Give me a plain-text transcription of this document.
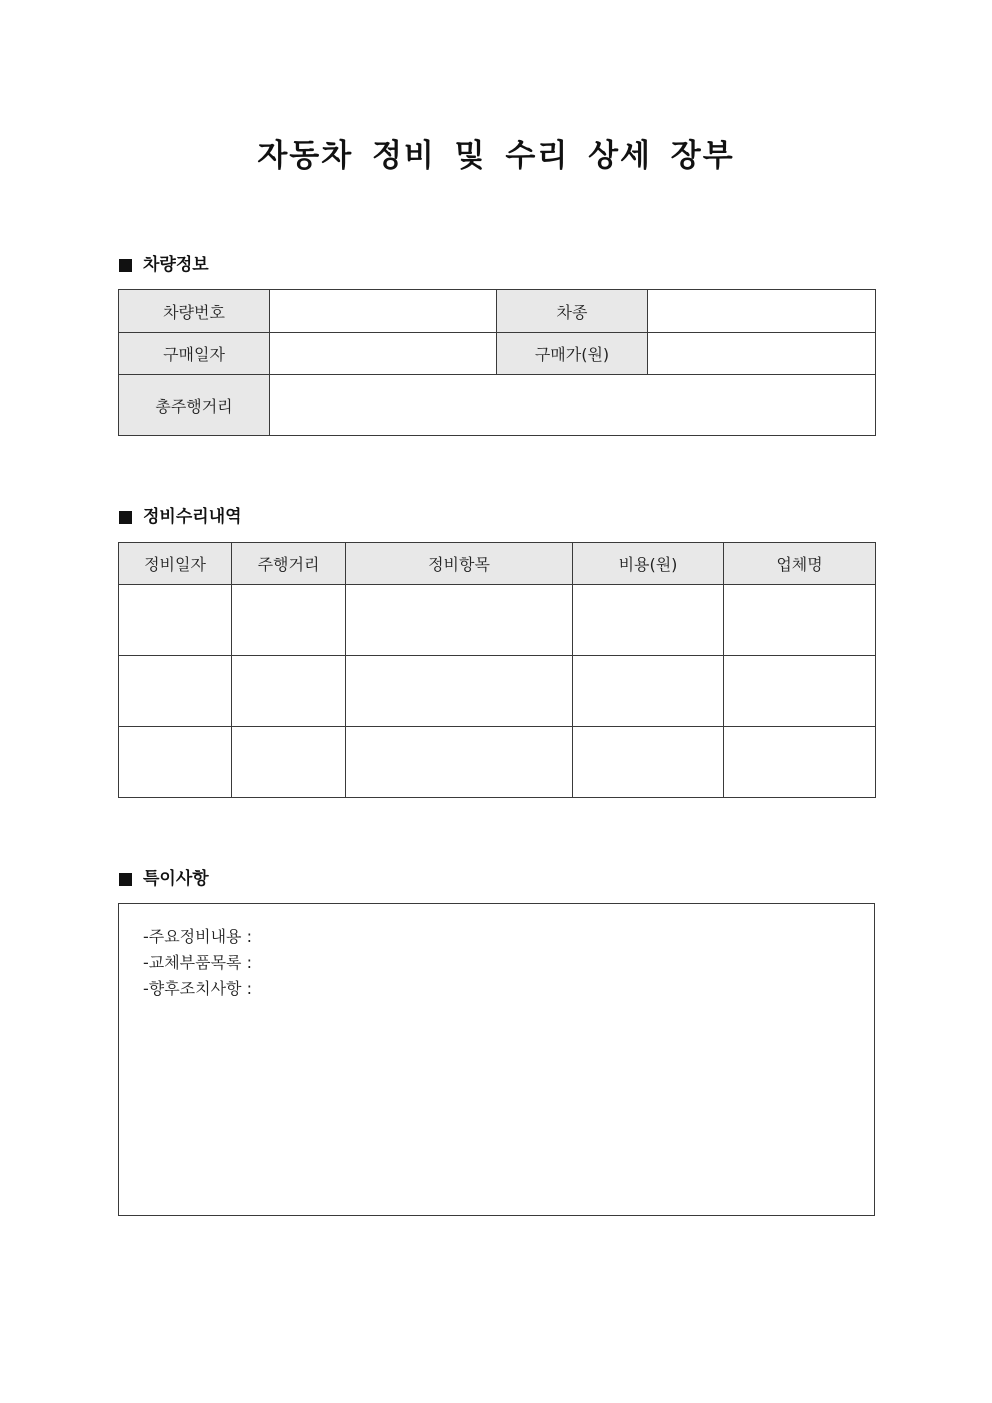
자동차 정비 및 수리 상세 장부
차량정보
차량번호		차종	
구매일자		구매가(원)	
총주행거리			
정비수리내역
정비일자	주행거리	정비항목	비용(원)	업체명

특이사항
-주요정비내용 :
-교체부품목록 :
-향후조치사항 :
